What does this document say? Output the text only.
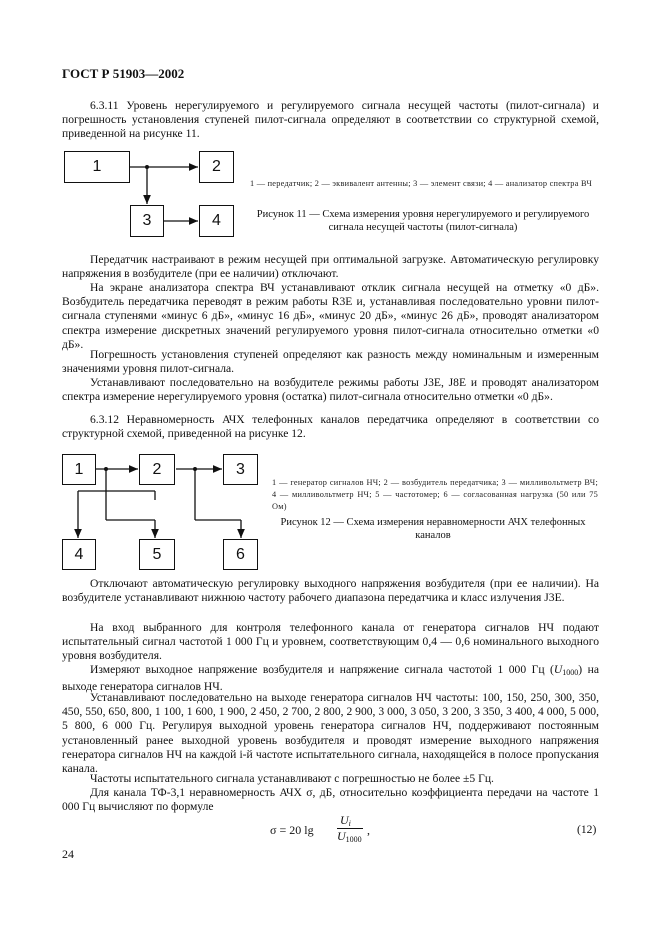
ГОСТ Р 51903—2002
6.3.11 Уровень нерегулируемого и регулируемого сигнала несущей частоты (пилот-сигнала) и погрешность установления ступеней пилот-сигнала определяют в соответствии со структурной схемой, приведенной на рисунке 11.
1	2
3	4
1 — передатчик; 2 — эквивалент антенны; 3 — элемент связи; 4 — анализатор спектра ВЧ
Рисунок 11 — Схема измерения уровня нерегулируемого и регулируемого сигнала несущей частоты (пилот-сигнала)
Передатчик настраивают в режим несущей при оптимальной загрузке. Автоматическую регулировку напряжения в возбудителе (при ее наличии) отключают.
На экране анализатора спектра ВЧ устанавливают отклик сигнала несущей на отметку «0 дБ». Возбудитель передатчика переводят в режим работы R3E и, устанавливая последовательно уровни пилот-сигнала ступенями «минус 6 дБ», «минус 16 дБ», «минус 20 дБ», «минус 26 дБ», проводят анализатором спектра измерение дискретных значений регулируемого уровня пилот-сигнала относительно отметки «0 дБ».
Погрешность установления ступеней определяют как разность между номинальным и измеренным значениями уровня пилот-сигнала.
Устанавливают последовательно на возбудителе режимы работы J3E, J8E и проводят анализатором спектра измерение нерегулируемого уровня (остатка) пилот-сигнала относительно отметки «0 дБ».
6.3.12 Неравномерность АЧХ телефонных каналов передатчика определяют в соответствии со структурной схемой, приведенной на рисунке 12.
1	2	3
4	5	6
1 — генератор сигналов НЧ; 2 — возбудитель передатчика; 3 — милливольтметр ВЧ; 4 — милливольтметр НЧ; 5 — частотомер; 6 — согласованная нагрузка (50 или 75 Ом)
Рисунок 12 — Схема измерения неравномерности АЧХ телефонных каналов
Отключают автоматическую регулировку выходного напряжения возбудителя (при ее наличии). На возбудителе устанавливают нижнюю частоту рабочего диапазона передатчика и класс излучения J3E.
На вход выбранного для контроля телефонного канала от генератора сигналов НЧ подают испытательный сигнал частотой 1 000 Гц и уровнем, соответствующим 0,4 — 0,6 номинального выходного уровня возбудителя.
Измеряют выходное напряжение возбудителя и напряжение сигнала частотой 1 000 Гц $(U_{1000})$ на выходе генератора сигналов НЧ.
Устанавливают последовательно на выходе генератора сигналов НЧ частоты: 100, 150, 250, 300, 350, 450, 550, 650, 800, 1 100, 1 600, 1 900, 2 450, 2 700, 2 800, 2 900, 3 000, 3 050, 3 200, 3 350, 3 400, 4 000, 5 000, 5 800, 6 000 Гц. Регулируя выходной уровень генератора сигналов НЧ, поддерживают постоянным установленный ранее выходной уровень возбудителя и проводят измерение выходного напряжения генератора сигналов НЧ на каждой i-й частоте испытательного сигнала, находящейся в полосе пропускания канала.
Частоты испытательного сигнала устанавливают с погрешностью не более ±5 Гц.
Для канала ТФ-3,1 неравномерность АЧХ σ, дБ, относительно коэффициента передачи на частоте 1 000 Гц вычисляют по формуле
σ = 20 lg
$U_i$
$U_{1000}$
,	(12)
24
